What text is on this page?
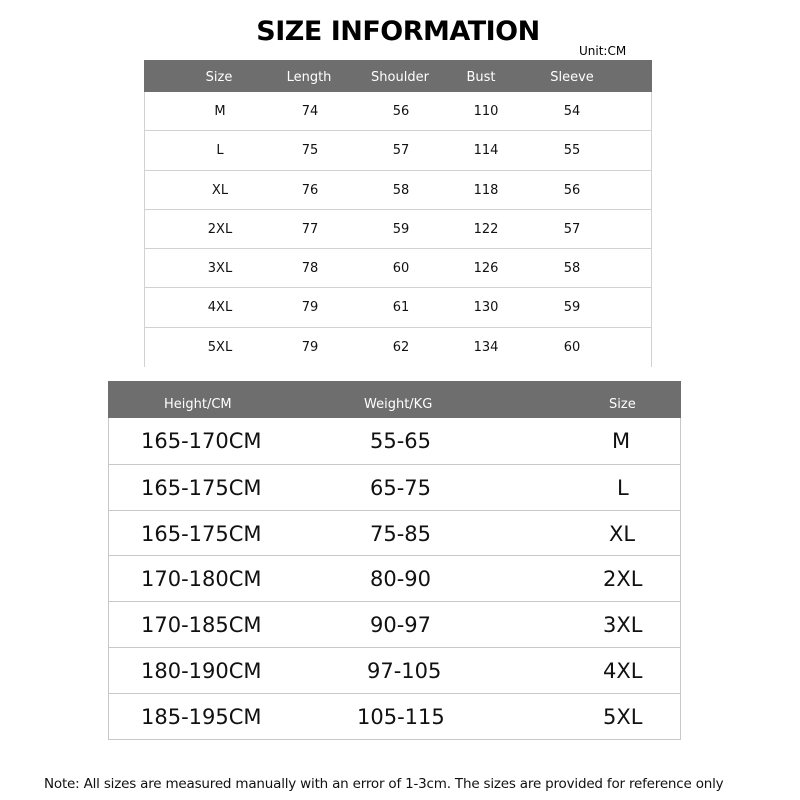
SIZE INFORMATION
Unit:CM
Size	Length	Shoulder	Bust	Sleeve
M	74	56	110	54
L	75	57	114	55
XL	76	58	118	56
2XL	77	59	122	57
3XL	78	60	126	58
4XL	79	61	130	59
5XL	79	62	134	60
Height/CM	Weight/KG	Size
165-170CM	55-65	M
165-175CM	65-75	L
165-175CM	75-85	XL
170-180CM	80-90	2XL
170-185CM	90-97	3XL
180-190CM	97-105	4XL
185-195CM	105-115	5XL
Note: All sizes are measured manually with an error of 1-3cm. The sizes are provided for reference only
